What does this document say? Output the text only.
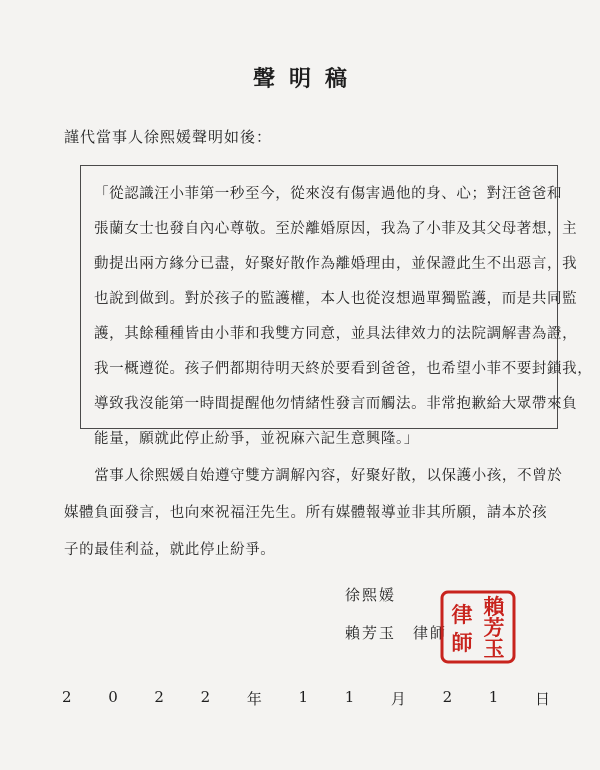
聲明稿
謹代當事人徐熙媛聲明如後：
「從認識汪小菲第一秒至今，從來沒有傷害過他的身、心；對汪爸爸和
張蘭女士也發自內心尊敬。至於離婚原因，我為了小菲及其父母著想，主
動提出兩方緣分已盡，好聚好散作為離婚理由，並保證此生不出惡言，我
也說到做到。對於孩子的監護權，本人也從沒想過單獨監護，而是共同監
護，其餘種種皆由小菲和我雙方同意，並具法律效力的法院調解書為證，
我一概遵從。孩子們都期待明天終於要看到爸爸，也希望小菲不要封鎖我，
導致我沒能第一時間提醒他勿情緒性發言而觸法。非常抱歉給大眾帶來負
能量，願就此停止紛爭，並祝麻六記生意興隆。」
　　當事人徐熙媛自始遵守雙方調解內容，好聚好散，以保護小孩，不曾於
媒體負面發言，也向來祝福汪先生。所有媒體報導並非其所願，請本於孩
子的最佳利益，就此停止紛爭。
徐熙媛
賴芳玉　律師
賴
芳
玉
律
師
2 0 2 2 年 1 1 月 2 1 日
